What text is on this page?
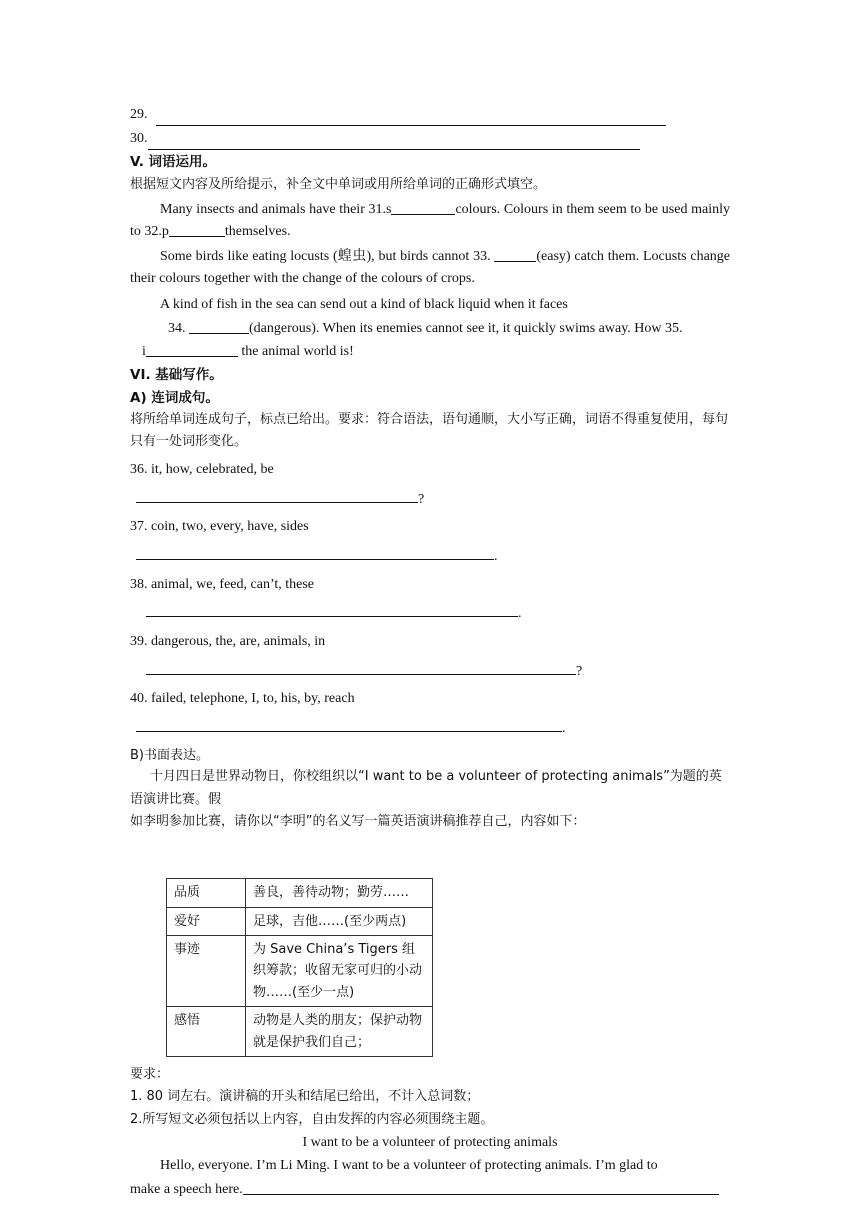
29.
30.
V. 词语运用。

根据短文内容及所给提示，补全文中单词或用所给单词的正确形式填空。

Many insects and animals have their 31.s	colours. Colours in them seem to be used mainly to 32.p	themselves.

Some birds like eating locusts (蝗虫), but birds cannot 33.	(easy) catch them. Locusts change their colours together with the change of the colours of crops.

A kind of fish in the sea can send out a kind of black liquid when it faces

34.	(dangerous). When its enemies cannot see it, it quickly swims away. How 35.

i	the animal world is!

VI. 基础写作。
A) 连词成句。

将所给单词连成句子，标点已给出。要求：符合语法，语句通顺，大小写正确，词语不得重复使用，每句只有一处词形变化。

36. it, how, celebrated, be
?
37. coin, two, every, have, sides
.
38. animal, we, feed, can’t, these
.
39. dangerous, the, are, animals, in
?
40. failed, telephone, I, to, his, by, reach
.
B)书面表达。

十月四日是世界动物日，你校组织以“I want to be a volunteer of protecting animals”为题的英语演讲比赛。假

如李明参加比赛，请你以“李明”的名义写一篇英语演讲稿推荐自己，内容如下：

品质	善良，善待动物；勤劳……
爱好	足球，吉他……(至少两点)
事迹	为 Save China’s Tigers 组织筹款；收留无家可归的小动物……(至少一点)
感悟	动物是人类的朋友；保护动物就是保护我们自己；

要求：

1. 80 词左右。演讲稿的开头和结尾已给出，不计入总词数；

2.所写短文必须包括以上内容，自由发挥的内容必须围绕主题。

I want to be a volunteer of protecting animals

Hello, everyone. I’m Li Ming. I want to be a volunteer of protecting animals. I’m glad to

make a speech here.
